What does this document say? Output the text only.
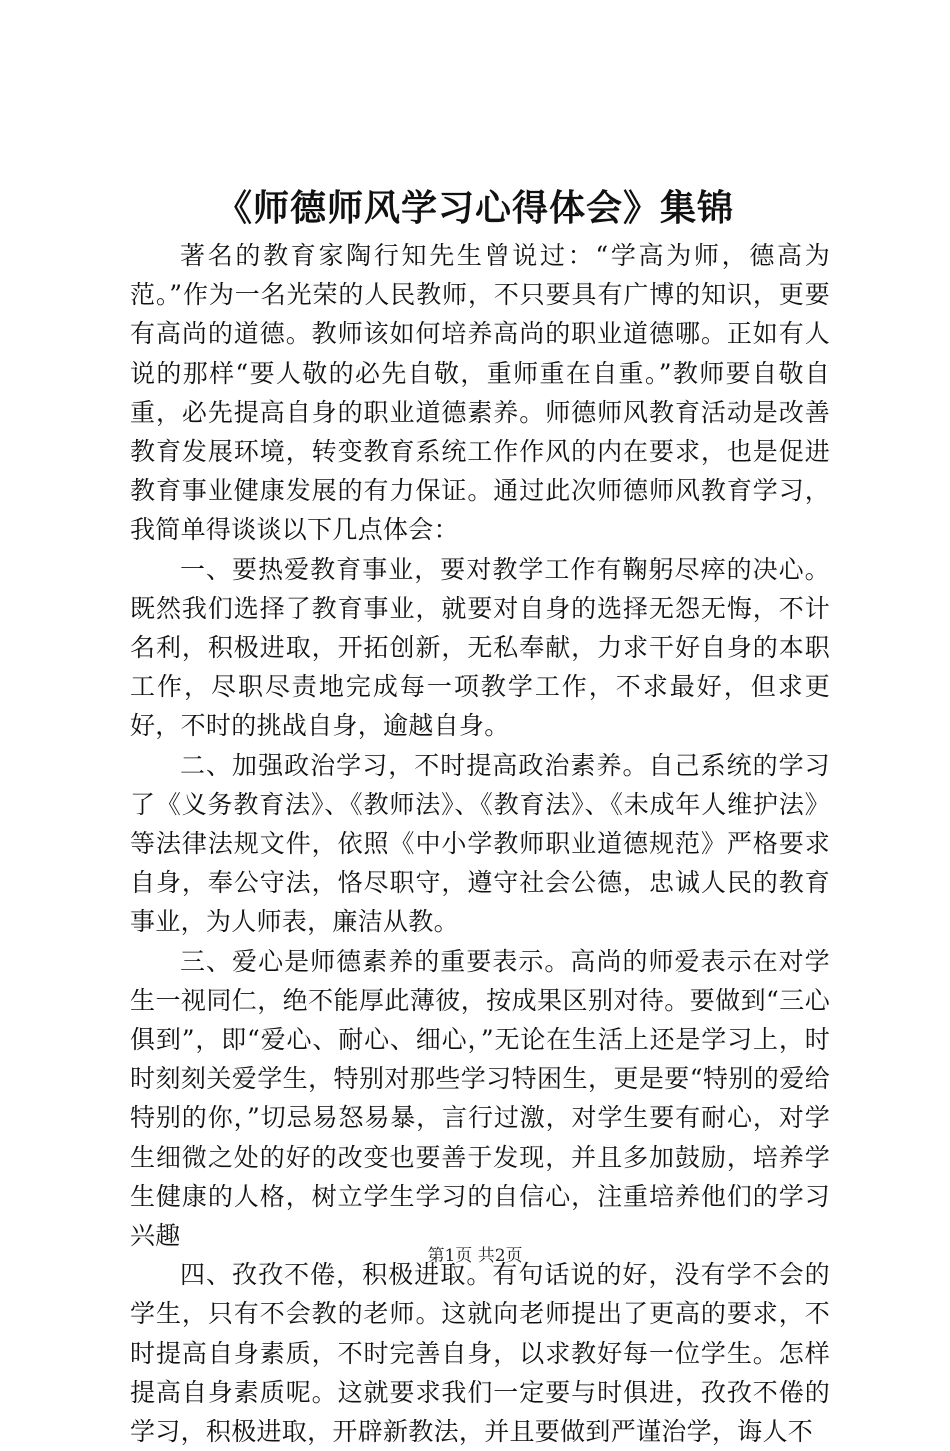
《师德师风学习心得体会》集锦

著名的教育家陶行知先生曾说过：“学高为师，德高为范。”作为一名光荣的人民教师，不只要具有广博的知识，更要有高尚的道德。教师该如何培养高尚的职业道德哪。正如有人说的那样“要人敬的必先自敬，重师重在自重。”教师要自敬自重，必先提高自身的职业道德素养。师德师风教育活动是改善教育发展环境，转变教育系统工作作风的内在要求，也是促进教育事业健康发展的有力保证。通过此次师德师风教育学习，我简单得谈谈以下几点体会：

一、要热爱教育事业，要对教学工作有鞠躬尽瘁的决心。既然我们选择了教育事业，就要对自身的选择无怨无悔，不计名利，积极进取，开拓创新，无私奉献，力求干好自身的本职工作，尽职尽责地完成每一项教学工作，不求最好，但求更好，不时的挑战自身，逾越自身。

二、加强政治学习，不时提高政治素养。自己系统的学习了《义务教育法》、《教师法》、《教育法》、《未成年人维护法》等法律法规文件，依照《中小学教师职业道德规范》严格要求自身，奉公守法，恪尽职守，遵守社会公德，忠诚人民的教育事业，为人师表，廉洁从教。

三、爱心是师德素养的重要表示。高尚的师爱表示在对学生一视同仁，绝不能厚此薄彼，按成果区别对待。要做到“三心俱到”，即“爱心、耐心、细心，”无论在生活上还是学习上，时时刻刻关爱学生，特别对那些学习特困生，更是要“特别的爱给特别的你，”切忌易怒易暴，言行过激，对学生要有耐心，对学生细微之处的好的改变也要善于发现，并且多加鼓励，培养学生健康的人格，树立学生学习的自信心，注重培养他们的学习兴趣

四、孜孜不倦，积极进取。有句话说的好，没有学不会的学生，只有不会教的老师。这就向老师提出了更高的要求，不时提高自身素质，不时完善自身，以求教好每一位学生。怎样提高自身素质呢。这就要求我们一定要与时俱进，孜孜不倦的学习，积极进取，开辟新教法，并且要做到严谨治学，诲人不

第1页 共2页
